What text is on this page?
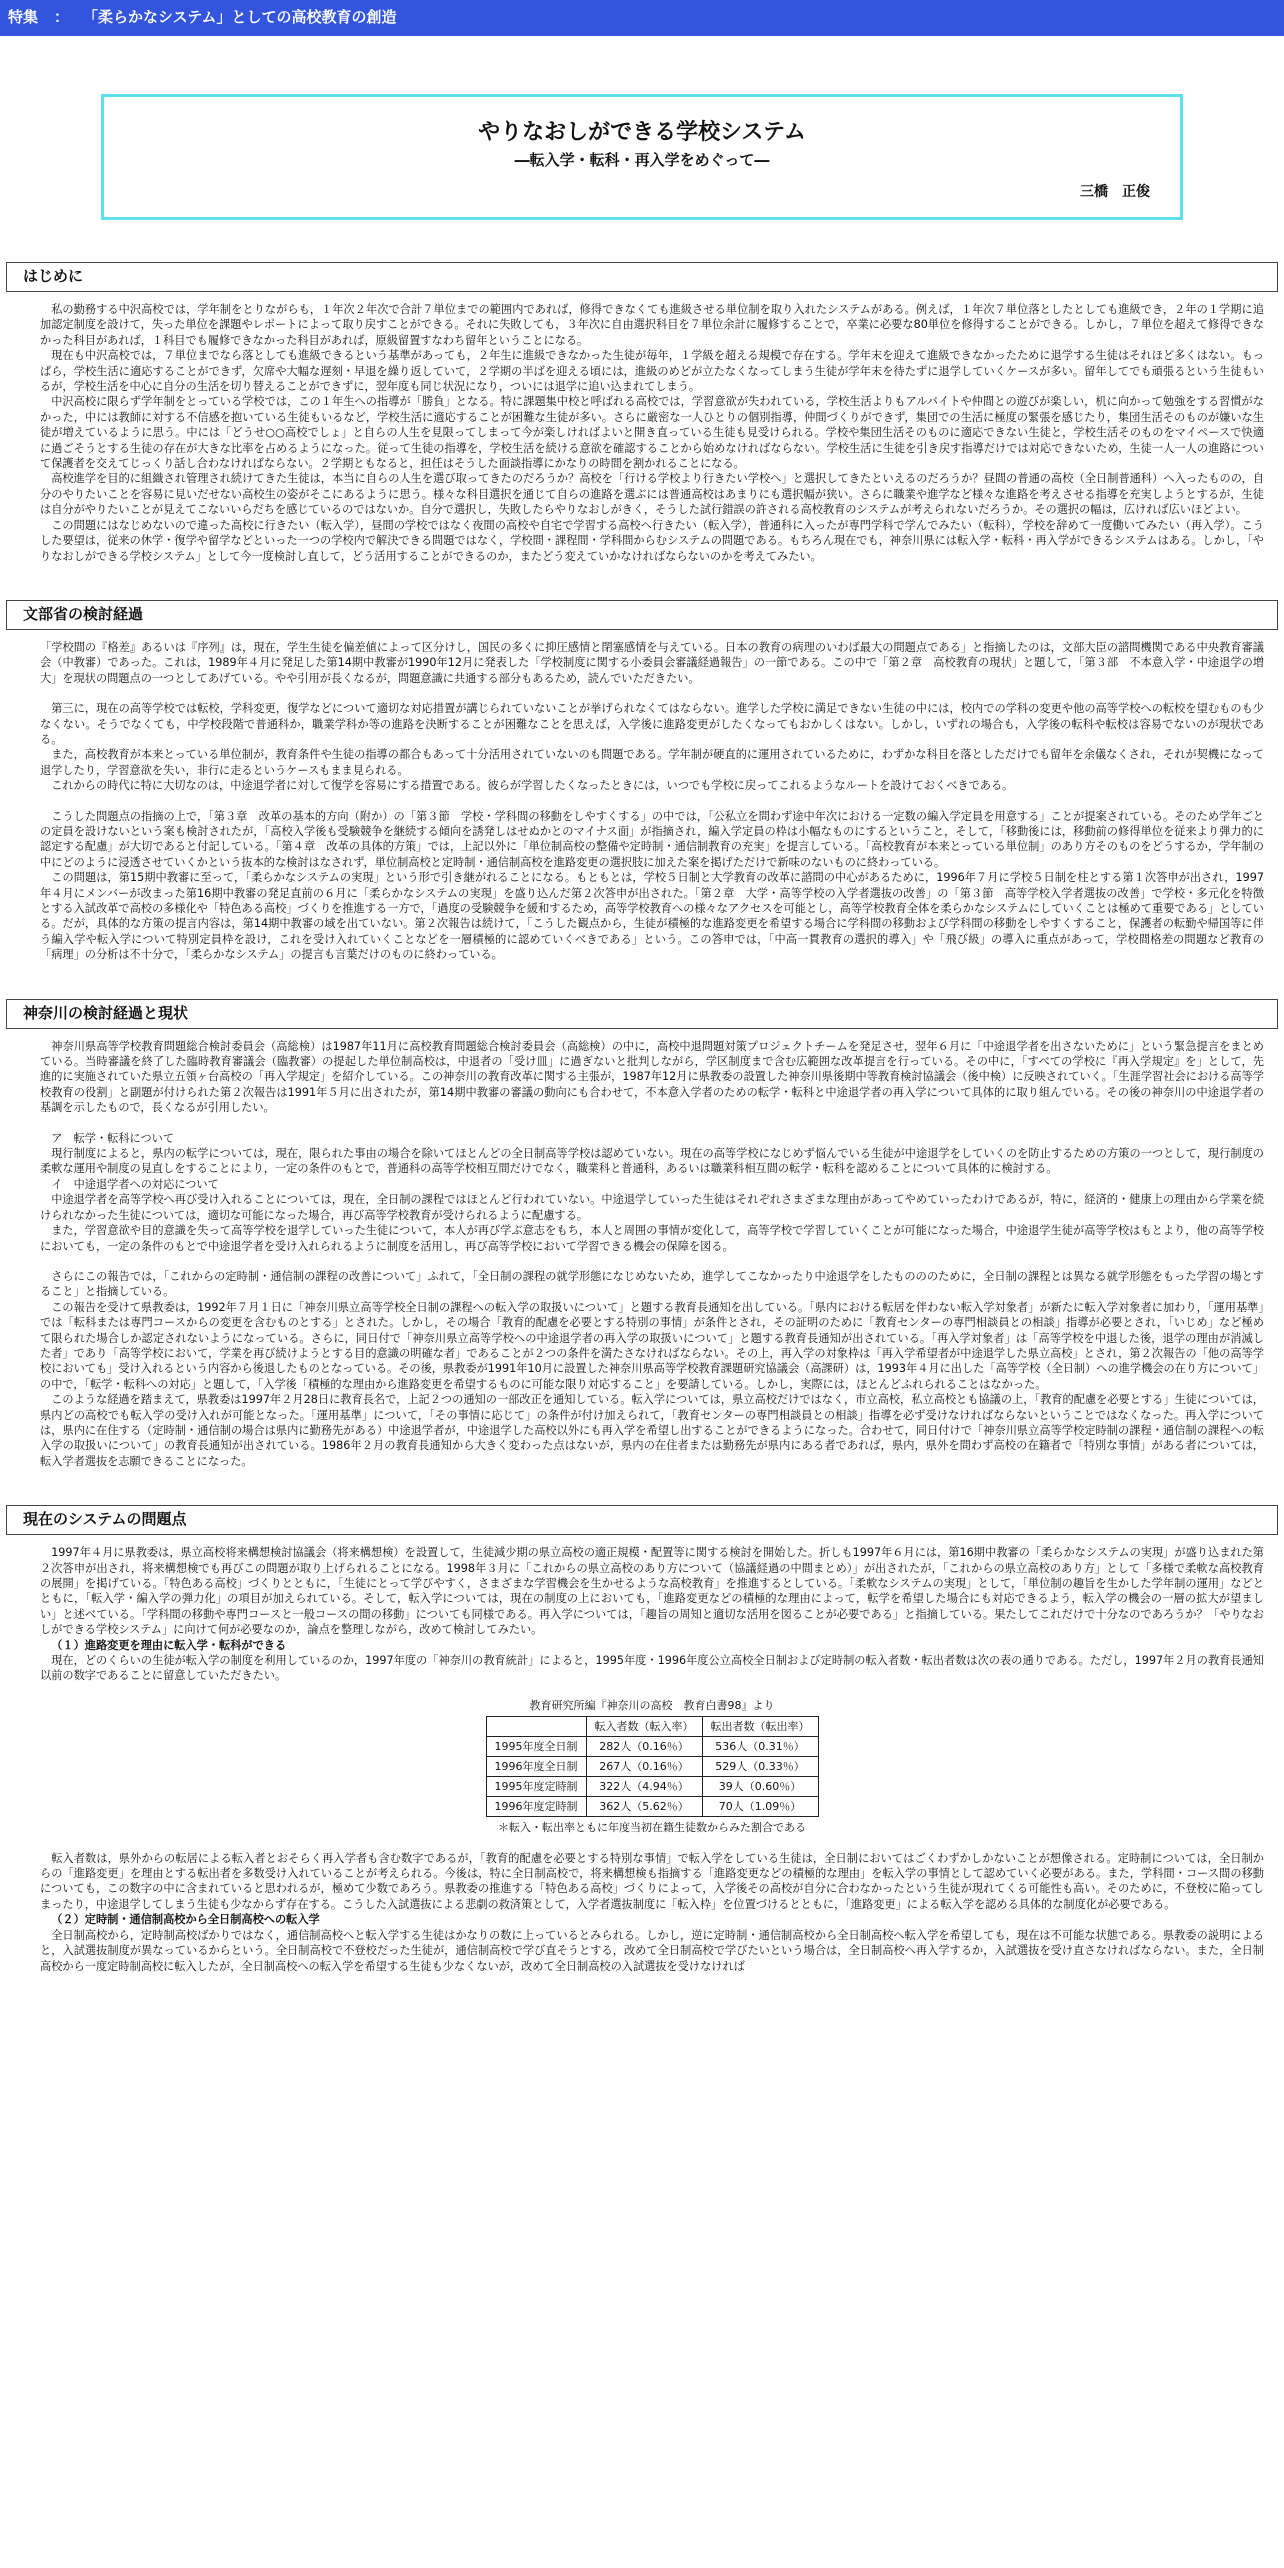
特集 ： 「柔らかなシステム」としての高校教育の創造
やりなおしができる学校システム
―転入学・転科・再入学をめぐって―
三橋　正俊
はじめに

私の勤務する中沢高校では，学年制をとりながらも，１年次２年次で合計７単位までの範囲内であれば，修得できなくても進級させる単位制を取り入れたシステムがある。例えば，１年次７単位落としたとしても進級でき，２年の１学期に追加認定制度を設けて，失った単位を課題やレポートによって取り戻すことができる。それに失敗しても，３年次に自由選択科目を７単位余計に履修することで，卒業に必要な80単位を修得することができる。しかし，７単位を超えて修得できなかった科目があれば，１科目でも履修できなかった科目があれば，原級留置すなわち留年ということになる。

現在も中沢高校では，７単位までなら落としても進級できるという基準があっても，２年生に進級できなかった生徒が毎年，１学級を超える規模で存在する。学年末を迎えて進級できなかったために退学する生徒はそれほど多くはない。もっぱら，学校生活に適応することができず，欠席や大幅な遅刻・早退を繰り返していて，２学期の半ばを迎える頃には，進級のめどが立たなくなってしまう生徒が学年末を待たずに退学していくケースが多い。留年してでも頑張るという生徒もいるが，学校生活を中心に自分の生活を切り替えることができずに，翌年度も同じ状況になり，ついには退学に追い込まれてしまう。

中沢高校に限らず学年制をとっている学校では，この１年生への指導が「勝負」となる。特に課題集中校と呼ばれる高校では，学習意欲が失われている，学校生活よりもアルバイトや仲間との遊びが楽しい，机に向かって勉強をする習慣がなかった，中には教師に対する不信感を抱いている生徒もいるなど，学校生活に適応することが困難な生徒が多い。さらに厳密な一人ひとりの個別指導，仲間づくりができず，集団での生活に極度の緊張を感じたり，集団生活そのものが嫌いな生徒が増えているように思う。中には「どうせ○○高校でしょ」と自らの人生を見限ってしまって今が楽しければよいと開き直っている生徒も見受けられる。学校や集団生活そのものに適応できない生徒と，学校生活そのものをマイペースで快適に過ごそうとする生徒の存在が大きな比率を占めるようになった。従って生徒の指導を，学校生活を続ける意欲を確認することから始めなければならない。学校生活に生徒を引き戻す指導だけでは対応できないため，生徒一人一人の進路について保護者を交えてじっくり話し合わなければならない。２学期ともなると，担任はそうした面談指導にかなりの時間を割かれることになる。

高校進学を目的に組織され管理され続けてきた生徒は，本当に自らの人生を選び取ってきたのだろうか？高校を「行ける学校より行きたい学校へ」と選択してきたといえるのだろうか？昼間の普通の高校（全日制普通科）へ入ったものの，自分のやりたいことを容易に見いだせない高校生の姿がそこにあるように思う。様々な科目選択を通じて自らの進路を選ぶには普通高校はあまりにも選択幅が狭い。さらに職業や進学など様々な進路を考えさせる指導を充実しようとするが，生徒は自分がやりたいことが見えてこないいらだちを感じているのではないか。自分で選択し，失敗したらやりなおしがきく，そうした試行錯誤の許される高校教育のシステムが考えられないだろうか。その選択の幅は，広ければ広いほどよい。

この問題にはなじめないので違った高校に行きたい（転入学），昼間の学校ではなく夜間の高校や自宅で学習する高校へ行きたい（転入学），普通科に入ったが専門学科で学んでみたい（転科），学校を辞めて一度働いてみたい（再入学）。こうした要望は，従来の休学・復学や留学などといった一つの学校内で解決できる問題ではなく，学校間・課程間・学科間からむシステムの問題である。もちろん現在でも，神奈川県には転入学・転科・再入学ができるシステムはある。しかし，「やりなおしができる学校システム」として今一度検討し直して，どう活用することができるのか，またどう変えていかなければならないのかを考えてみたい。

文部省の検討経過

「学校間の『格差』あるいは『序列』は，現在，学生生徒を偏差値によって区分けし，国民の多くに抑圧感情と閉塞感情を与えている。日本の教育の病理のいわば最大の問題点である」と指摘したのは，文部大臣の諮問機関である中央教育審議会（中教審）であった。これは，1989年４月に発足した第14期中教審が1990年12月に発表した「学校制度に関する小委員会審議経過報告」の一節である。この中で「第２章　高校教育の現状」と題して，「第３部　不本意入学・中途退学の増大」を現状の問題点の一つとしてあげている。やや引用が長くなるが，問題意識に共通する部分もあるため，読んでいただきたい。

第三に，現在の高等学校では転校，学科変更，復学などについて適切な対応措置が講じられていないことが挙げられなくてはならない。進学した学校に満足できない生徒の中には，校内での学科の変更や他の高等学校への転校を望むものも少なくない。そうでなくても，中学校段階で普通科か，職業学科か等の進路を決断することが困難なことを思えば，入学後に進路変更がしたくなってもおかしくはない。しかし，いずれの場合も，入学後の転科や転校は容易でないのが現状である。

また，高校教育が本来とっている単位制が，教育条件や生徒の指導の都合もあって十分活用されていないのも問題である。学年制が硬直的に運用されているために，わずかな科目を落としただけでも留年を余儀なくされ，それが契機になって退学したり，学習意欲を失い，非行に走るというケースもまま見られる。

これからの時代に特に大切なのは，中途退学者に対して復学を容易にする措置である。彼らが学習したくなったときには，いつでも学校に戻ってこれるようなルートを設けておくべきである。

こうした問題点の指摘の上で，「第３章　改革の基本的方向（附か）の「第３節　学校・学科間の移動をしやすくする」の中では，「公私立を問わず途中年次における一定数の編入学定員を用意する」ことが提案されている。そのため学年ごとの定員を設けないという案も検討されたが，「高校入学後も受験競争を継続する傾向を誘発しはせぬかとのマイナス面」が指摘され，編入学定員の枠は小幅なものにするということ，そして，「移動後には，移動前の修得単位を従来より弾力的に認定する配慮」が大切であると付記している。「第４章　改革の具体的方策」では，上記以外に「単位制高校の整備や定時制・通信制教育の充実」を提言している。「高校教育が本来とっている単位制」のあり方そのものをどうするか，学年制の中にどのように浸透させていくかという抜本的な検討はなされず，単位制高校と定時制・通信制高校を進路変更の選択肢に加えた案を掲げただけで新味のないものに終わっている。

この問題は，第15期中教審に至って，「柔らかなシステムの実現」という形で引き継がれることになる。もともとは，学校５日制と大学教育の改革に諮問の中心があるために，1996年７月に学校５日制を柱とする第１次答申が出され，1997年４月にメンバーが改まった第16期中教審の発足直前の６月に「柔らかなシステムの実現」を盛り込んだ第２次答申が出された。「第２章　大学・高等学校の入学者選抜の改善」の「第３節　高等学校入学者選抜の改善」で学校・多元化を特徴とする入試改革で高校の多様化や「特色ある高校」づくりを推進する一方で，「過度の受験競争を緩和するため，高等学校教育への様々なアクセスを可能とし，高等学校教育全体を柔らかなシステムにしていくことは極めて重要である」としている。だが，具体的な方策の提言内容は，第14期中教審の域を出ていない。第２次報告は続けて，「こうした観点から，生徒が積極的な進路変更を希望する場合に学科間の移動および学科間の移動をしやすくすること，保護者の転勤や帰国等に伴う編入学や転入学について特別定員枠を設け，これを受け入れていくことなどを一層積極的に認めていくべきである」という。この答申では，「中高一貫教育の選択的導入」や「飛び級」の導入に重点があって，学校間格差の問題など教育の「病理」の分析は不十分で，「柔らかなシステム」の提言も言葉だけのものに終わっている。

神奈川の検討経過と現状

神奈川県高等学校教育問題総合検討委員会（高総検）は1987年11月に高校教育問題総合検討委員会（高総検）の中に，高校中退問題対策プロジェクトチームを発足させ，翌年６月に「中途退学者を出さないために」という緊急提言をまとめている。当時審議を終了した臨時教育審議会（臨教審）の提起した単位制高校は，中退者の「受け皿」に過ぎないと批判しながら，学区制度まで含む広範囲な改革提言を行っている。その中に，「すべての学校に『再入学規定』を」として，先進的に実施されていた県立五領ヶ台高校の「再入学規定」を紹介している。この神奈川の教育改革に関する主張が，1987年12月に県教委の設置した神奈川県後期中等教育検討協議会（後中検）に反映されていく。「生涯学習社会における高等学校教育の役割」と副題が付けられた第２次報告は1991年５月に出されたが，第14期中教審の審議の動向にも合わせて，不本意入学者のための転学・転科と中途退学者の再入学について具体的に取り組んでいる。その後の神奈川の中途退学者の基調を示したもので，長くなるが引用したい。

ア　転学・転科について

現行制度によると，県内の転学については，現在，限られた事由の場合を除いてほとんどの全日制高等学校は認めていない。現在の高等学校になじめず悩んでいる生徒が中途退学をしていくのを防止するための方策の一つとして，現行制度の柔軟な運用や制度の見直しをすることにより，一定の条件のもとで，普通科の高等学校相互間だけでなく，職業科と普通科，あるいは職業科相互間の転学・転科を認めることについて具体的に検討する。

イ　中途退学者への対応について

中途退学者を高等学校へ再び受け入れることについては，現在，全日制の課程ではほとんど行われていない。中途退学していった生徒はそれぞれさまざまな理由があってやめていったわけであるが，特に，経済的・健康上の理由から学業を続けられなかった生徒については，適切な可能になった場合，再び高等学校教育が受けられるように配慮する。

また，学習意欲や目的意識を失って高等学校を退学していった生徒について，本人が再び学ぶ意志をもち，本人と周囲の事情が変化して，高等学校で学習していくことが可能になった場合，中途退学生徒が高等学校はもとより，他の高等学校においても，一定の条件のもとで中途退学者を受け入れられるように制度を活用し，再び高等学校において学習できる機会の保障を図る。

さらにこの報告では，「これからの定時制・通信制の課程の改善について」ふれて，「全日制の課程の就学形態になじめないため，進学してこなかったり中途退学をしたものののために，全日制の課程とは異なる就学形態をもった学習の場とすること」と指摘している。

この報告を受けて県教委は，1992年７月１日に「神奈川県立高等学校全日制の課程への転入学の取扱いについて」と題する教育長通知を出している。「県内における転居を伴わない転入学対象者」が新たに転入学対象者に加わり，「運用基準」では「転科または専門コースからの変更を含むものとする」とされた。しかし，その場合「教育的配慮を必要とする特別の事情」が条件とされ，その証明のために「教育センターの専門相談員との相談」指導が必要とされ，「いじめ」など極めて限られた場合しか認定されないようになっている。さらに，同日付で「神奈川県立高等学校への中途退学者の再入学の取扱いについて」と題する教育長通知が出されている。「再入学対象者」は「高等学校を中退した後，退学の理由が消滅した者」であり「高等学校において，学業を再び続けようとする目的意識の明確な者」であることが２つの条件を満たさなければならない。その上，再入学の対象枠は「再入学希望者が中途退学した県立高校」とされ，第２次報告の「他の高等学校においても」受け入れるという内容から後退したものとなっている。その後，県教委が1991年10月に設置した神奈川県高等学校教育課題研究協議会（高課研）は，1993年４月に出した「高等学校（全日制）への進学機会の在り方について」の中で，「転学・転科への対応」と題して，「入学後「積極的な理由から進路変更を希望するものに可能な限り対応すること」を要請している。しかし，実際には，ほとんどふれられることはなかった。

このような経過を踏まえて，県教委は1997年２月28日に教育長名で，上記２つの通知の一部改正を通知している。転入学については，県立高校だけではなく，市立高校，私立高校とも協議の上，「教育的配慮を必要とする」生徒については，県内どの高校でも転入学の受け入れが可能となった。「運用基準」について，「その事情に応じて」の条件が付け加えられて，「教育センターの専門相談員との相談」指導を必ず受けなければならないということではなくなった。再入学については，県内に在住する（定時制・通信制の場合は県内に勤務先がある）中途退学者が，中途退学した高校以外にも再入学を希望し出することができるようになった。合わせて，同日付けで「神奈川県立高等学校定時制の課程・通信制の課程への転入学の取扱いについて」の教育長通知が出されている。1986年２月の教育長通知から大きく変わった点はないが，県内の在住者または勤務先が県内にある者であれば，県内，県外を問わず高校の在籍者で「特別な事情」がある者については，転入学者選抜を志願できることになった。

現在のシステムの問題点

1997年４月に県教委は，県立高校将来構想検討協議会（将来構想検）を設置して，生徒減少期の県立高校の適正規模・配置等に関する検討を開始した。折しも1997年６月には，第16期中教審の「柔らかなシステムの実現」が盛り込まれた第２次答申が出され，将来構想検でも再びこの問題が取り上げられることになる。1998年３月に「これからの県立高校のあり方について（協議経過の中間まとめ）」が出されたが，「これからの県立高校のあり方」として「多様で柔軟な高校教育の展開」を掲げている。「特色ある高校」づくりとともに，「生徒にとって学びやすく，さまざまな学習機会を生かせるような高校教育」を推進するとしている。「柔軟なシステムの実現」として，「単位制の趣旨を生かした学年制の運用」などとともに，「転入学・編入学の弾力化」の項目が加えられている。そして，転入学については，現在の制度の上においても，「進路変更などの積極的な理由によって，転学を希望した場合にも対応できるよう，転入学の機会の一層の拡大が望ましい」と述べている。「学科間の移動や専門コースと一般コースの間の移動」についても同様である。再入学については，「趣旨の周知と適切な活用を図ることが必要である」と指摘している。果たしてこれだけで十分なのであろうか？「やりなおしができる学校システム」に向けて何が必要なのか，論点を整理しながら，改めて検討してみたい。

（１）進路変更を理由に転入学・転科ができる

現在，どのくらいの生徒が転入学の制度を利用しているのか，1997年度の「神奈川の教育統計」によると，1995年度・1996年度公立高校全日制および定時制の転入者数・転出者数は次の表の通りである。ただし，1997年２月の教育長通知以前の数字であることに留意していただきたい。

教育研究所編『神奈川の高校　教育白書98』より
	転入者数（転入率）	転出者数（転出率）
1995年度全日制	282人（0.16％）	536人（0.31％）
1996年度全日制	267人（0.16％）	529人（0.33％）
1995年度定時制	322人（4.94％）	39人（0.60％）
1996年度定時制	362人（5.62％）	70人（1.09％）
＊転入・転出率ともに年度当初在籍生徒数からみた割合である

転入者数は，県外からの転居による転入者とおそらく再入学者も含む数字であるが，「教育的配慮を必要とする特別な事情」で転入学をしている生徒は，全日制においてはごくわずかしかないことが想像される。定時制については，全日制からの「進路変更」を理由とする転出者を多数受け入れていることが考えられる。今後は，特に全日制高校で，将来構想検も指摘する「進路変更などの積極的な理由」を転入学の事情として認めていく必要がある。また，学科間・コース間の移動についても，この数字の中に含まれていると思われるが，極めて少数であろう。県教委の推進する「特色ある高校」づくりによって，入学後その高校が自分に合わなかったという生徒が現れてくる可能性も高い。そのために，不登校に陥ってしまったり，中途退学してしまう生徒も少なからず存在する。こうした入試選抜による悲劇の救済策として，入学者選抜制度に「転入枠」を位置づけるとともに，「進路変更」による転入学を認める具体的な制度化が必要である。

（２）定時制・通信制高校から全日制高校への転入学

全日制高校から，定時制高校ばかりではなく，通信制高校へと転入学する生徒はかなりの数に上っているとみられる。しかし，逆に定時制・通信制高校から全日制高校へ転入学を希望しても，現在は不可能な状態である。県教委の説明によると，入試選抜制度が異なっているからという。全日制高校で不登校だった生徒が，通信制高校で学び直そうとする，改めて全日制高校で学びたいという場合は，全日制高校へ再入学するか，入試選抜を受け直さなければならない。また，全日制高校から一度定時制高校に転入したが，全日制高校への転入学を希望する生徒も少なくないが，改めて全日制高校の入試選抜を受けなければ
